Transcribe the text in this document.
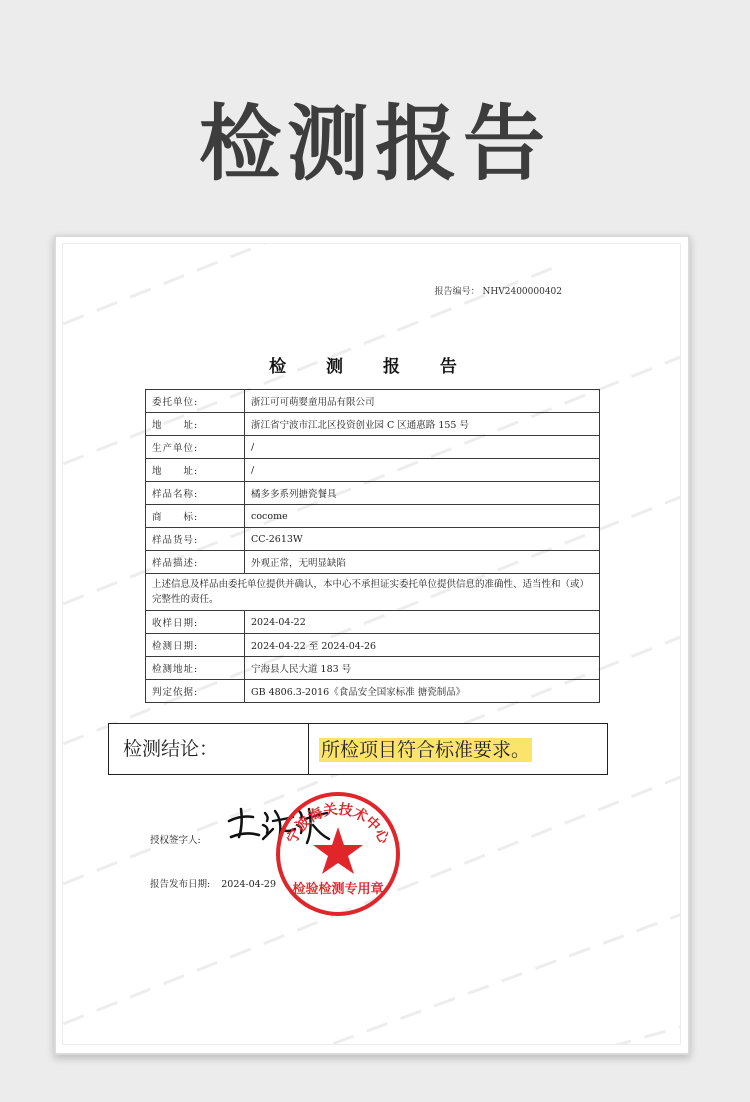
检测报告
报告编号： NHV2400000402
检 测 报 告
委托单位:	浙江可可萌婴童用品有限公司
地　　址:	浙江省宁波市江北区投资创业园 C 区通惠路 155 号
生产单位:	/
地　　址:	/
样品名称:	橘多多系列搪瓷餐具
商　　标:	cocome
样品货号:	CC-2613W
样品描述:	外观正常，无明显缺陷
上述信息及样品由委托单位提供并确认，本中心不承担证实委托单位提供信息的准确性、适当性和（或）完整性的责任。	
收样日期:	2024-04-22
检测日期:	2024-04-22 至 2024-04-26
检测地址:	宁海县人民大道 183 号
判定依据:	GB 4806.3-2016《食品安全国家标准 搪瓷制品》
授权签字人:
报告发布日期: 2024-04-29
宁波海关技术中心
检验检测专用章
检测结论：	所检项目符合标准要求。
